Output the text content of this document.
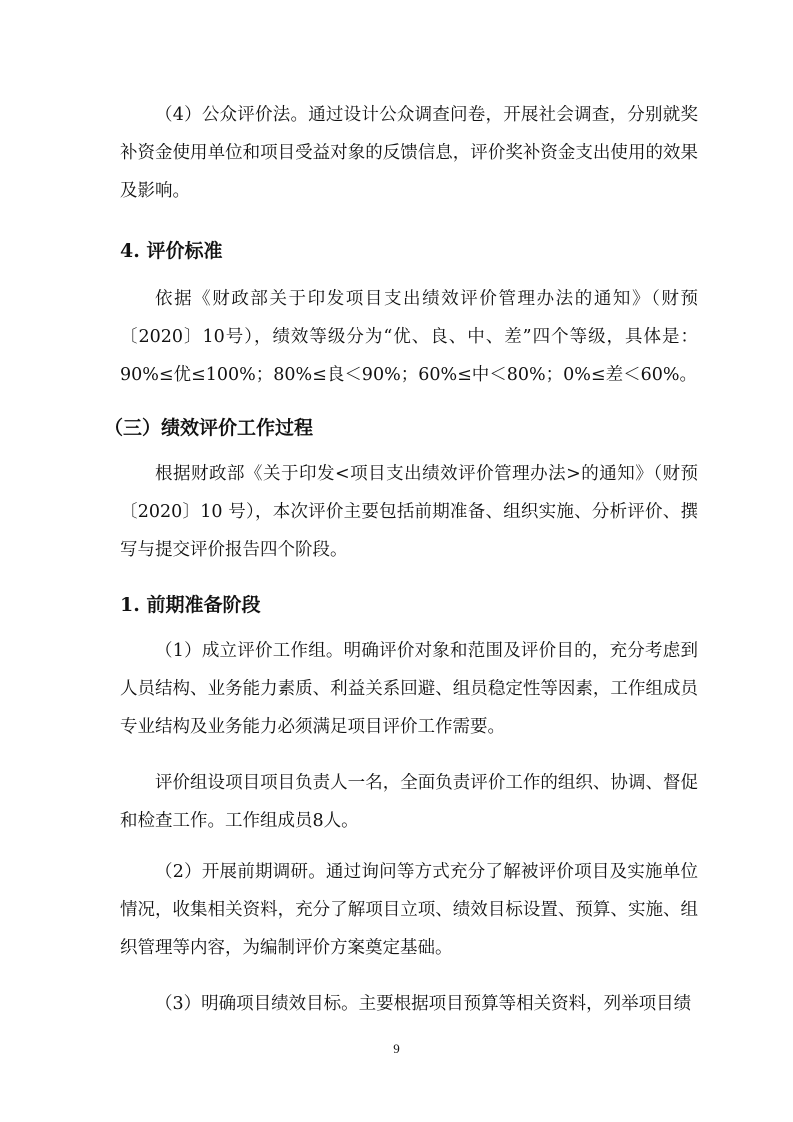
（4）公众评价法。通过设计公众调查问卷，开展社会调查，分别就奖补资金使用单位和项目受益对象的反馈信息，评价奖补资金支出使用的效果及影响。

4. 评价标准

依据《财政部关于印发项目支出绩效评价管理办法的通知》（财预〔2020〕10号），绩效等级分为“优、良、中、差”四个等级，具体是：90%≤优≤100%；80%≤良＜90%；60%≤中＜80%；0%≤差＜60%。

（三）绩效评价工作过程

根据财政部《关于印发<项目支出绩效评价管理办法>的通知》（财预〔2020〕10 号），本次评价主要包括前期准备、组织实施、分析评价、撰写与提交评价报告四个阶段。

1. 前期准备阶段

（1）成立评价工作组。明确评价对象和范围及评价目的，充分考虑到人员结构、业务能力素质、利益关系回避、组员稳定性等因素，工作组成员专业结构及业务能力必须满足项目评价工作需要。

评价组设项目项目负责人一名，全面负责评价工作的组织、协调、督促和检查工作。工作组成员8人。

（2）开展前期调研。通过询问等方式充分了解被评价项目及实施单位情况，收集相关资料，充分了解项目立项、绩效目标设置、预算、实施、组织管理等内容，为编制评价方案奠定基础。

（3）明确项目绩效目标。主要根据项目预算等相关资料，列举项目绩

9
